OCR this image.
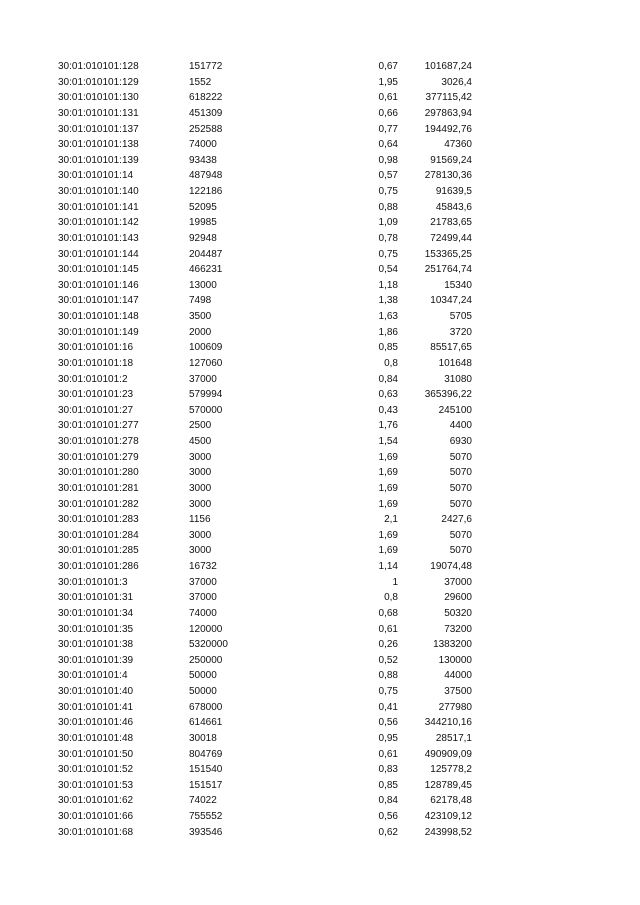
30:01:010101:128	151772	0,67	101687,24
30:01:010101:129	1552	1,95	3026,4
30:01:010101:130	618222	0,61	377115,42
30:01:010101:131	451309	0,66	297863,94
30:01:010101:137	252588	0,77	194492,76
30:01:010101:138	74000	0,64	47360
30:01:010101:139	93438	0,98	91569,24
30:01:010101:14	487948	0,57	278130,36
30:01:010101:140	122186	0,75	91639,5
30:01:010101:141	52095	0,88	45843,6
30:01:010101:142	19985	1,09	21783,65
30:01:010101:143	92948	0,78	72499,44
30:01:010101:144	204487	0,75	153365,25
30:01:010101:145	466231	0,54	251764,74
30:01:010101:146	13000	1,18	15340
30:01:010101:147	7498	1,38	10347,24
30:01:010101:148	3500	1,63	5705
30:01:010101:149	2000	1,86	3720
30:01:010101:16	100609	0,85	85517,65
30:01:010101:18	127060	0,8	101648
30:01:010101:2	37000	0,84	31080
30:01:010101:23	579994	0,63	365396,22
30:01:010101:27	570000	0,43	245100
30:01:010101:277	2500	1,76	4400
30:01:010101:278	4500	1,54	6930
30:01:010101:279	3000	1,69	5070
30:01:010101:280	3000	1,69	5070
30:01:010101:281	3000	1,69	5070
30:01:010101:282	3000	1,69	5070
30:01:010101:283	1156	2,1	2427,6
30:01:010101:284	3000	1,69	5070
30:01:010101:285	3000	1,69	5070
30:01:010101:286	16732	1,14	19074,48
30:01:010101:3	37000	1	37000
30:01:010101:31	37000	0,8	29600
30:01:010101:34	74000	0,68	50320
30:01:010101:35	120000	0,61	73200
30:01:010101:38	5320000	0,26	1383200
30:01:010101:39	250000	0,52	130000
30:01:010101:4	50000	0,88	44000
30:01:010101:40	50000	0,75	37500
30:01:010101:41	678000	0,41	277980
30:01:010101:46	614661	0,56	344210,16
30:01:010101:48	30018	0,95	28517,1
30:01:010101:50	804769	0,61	490909,09
30:01:010101:52	151540	0,83	125778,2
30:01:010101:53	151517	0,85	128789,45
30:01:010101:62	74022	0,84	62178,48
30:01:010101:66	755552	0,56	423109,12
30:01:010101:68	393546	0,62	243998,52
